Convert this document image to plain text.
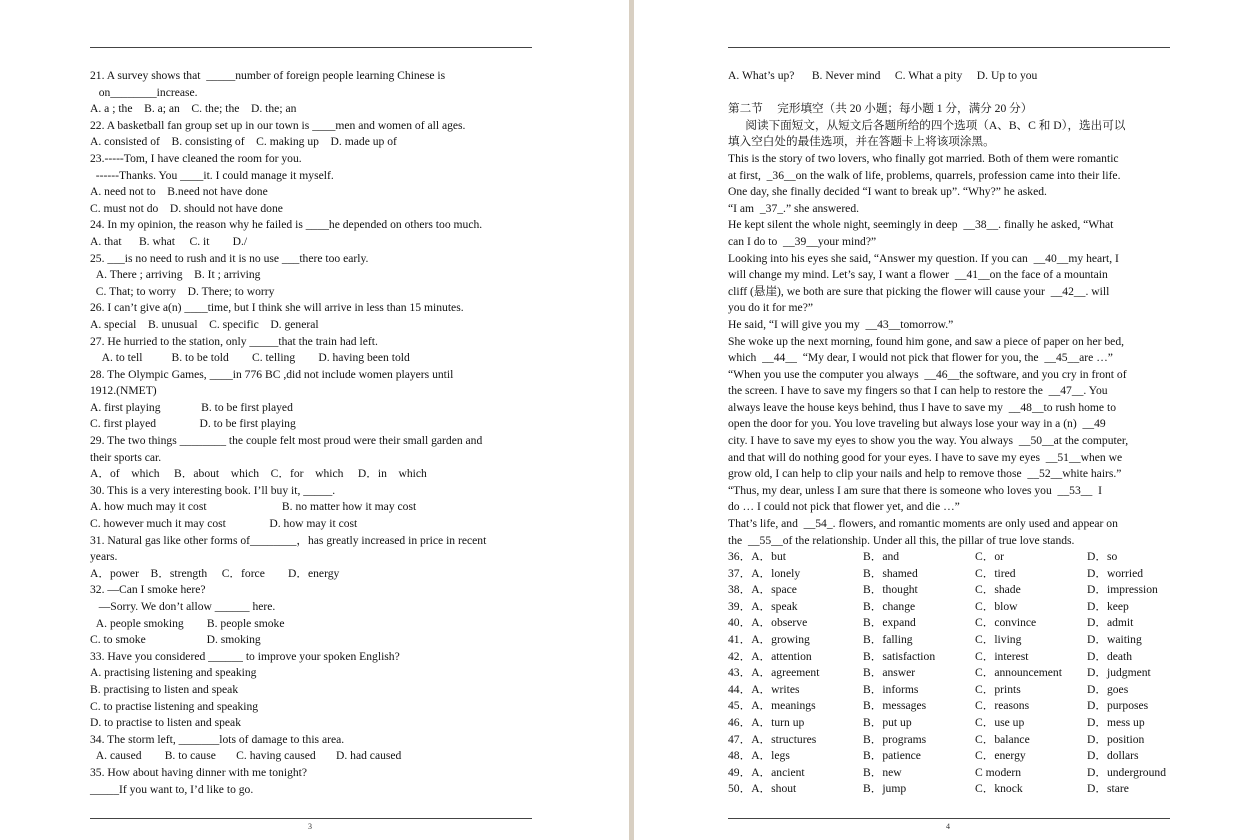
21. A survey shows that  _____number of foreign people learning Chinese is

on________increase.

A. a ; the    B. a; an    C. the; the    D. the; an

22. A basketball fan group set up in our town is ____men and women of all ages.

A. consisted of    B. consisting of    C. making up    D. made up of

23.-----Tom, I have cleaned the room for you.

------Thanks. You ____it. I could manage it myself.

A. need not to    B.need not have done

C. must not do    D. should not have done

24. In my opinion, the reason why he failed is ____he depended on others too much.

A. that      B. what     C. it        D./

25. ___is no need to rush and it is no use ___there too early.

A. There ; arriving    B. It ; arriving

C. That; to worry    D. There; to worry

26. I can’t give a(n) ____time, but I think she will arrive in less than 15 minutes.

A. special    B. unusual    C. specific    D. general

27. He hurried to the station, only _____that the train had left.

A. to tell          B. to be told        C. telling        D. having been told

28. The Olympic Games, ____in 776 BC ,did not include women players until

1912.(NMET)

A. first playing              B. to be first played

C. first played               D. to be first playing

29. The two things ________ the couple felt most proud were their small garden and

their sports car.

A．of    which     B．about    which    C．for    which     D．in    which

30. This is a very interesting book. I’ll buy it, _____.

A. how much may it cost                          B. no matter how it may cost

C. however much it may cost               D. how may it cost

31. Natural gas like other forms of________，has greatly increased in price in recent

years.

A．power    B．strength     C．force        D．energy

32. —Can I smoke here?

—Sorry. We don’t allow ______ here.

A. people smoking        B. people smoke

C. to smoke                     D. smoking

33. Have you considered ______ to improve your spoken English?

A. practising listening and speaking

B. practising to listen and speak

C. to practise listening and speaking

D. to practise to listen and speak

34. The storm left, _______lots of damage to this area.

A. caused        B. to cause       C. having caused       D. had caused

35. How about having dinner with me tonight?

_____If you want to, I’d like to go.

3

A. What’s up?      B. Never mind     C. What a pity     D. Up to you

第二节     完形填空（共 20 小题；每小题 1 分，满分 20 分）

阅读下面短文，从短文后各题所给的四个选项（A、B、C 和 D），选出可以

填入空白处的最佳选项，并在答题卡上将该项涂黑。

This is the story of two lovers, who finally got married. Both of them were romantic

at first,  _36__on the walk of life, problems, quarrels, profession came into their life.

One day, she finally decided “I want to break up”. “Why?” he asked.

“I am  _37_.” she answered.

He kept silent the whole night, seemingly in deep  __38__. finally he asked, “What

can I do to  __39__your mind?”

Looking into his eyes she said, “Answer my question. If you can  __40__my heart, I

will change my mind. Let’s say, I want a flower  __41__on the face of a mountain

cliff (悬崖), we both are sure that picking the flower will cause your  __42__. will

you do it for me?”

He said, “I will give you my  __43__tomorrow.”

She woke up the next morning, found him gone, and saw a piece of paper on her bed,

which  __44__  “My dear, I would not pick that flower for you, the  __45__are …”

“When you use the computer you always  __46__the software, and you cry in front of

the screen. I have to save my fingers so that I can help to restore the  __47__. You

always leave the house keys behind, thus I have to save my  __48__to rush home to

open the door for you. You love traveling but always lose your way in a (n)  __49

city. I have to save my eyes to show you the way. You always  __50__at the computer,

and that will do nothing good for your eyes. I have to save my eyes  __51__when we

grow old, I can help to clip your nails and help to remove those  __52__white hairs.”

“Thus, my dear, unless I am sure that there is someone who loves you  __53__  I

do … I could not pick that flower yet, and die …”

That’s life, and  __54_. flowers, and romantic moments are only used and appear on

the  __55__of the relationship. Under all this, the pillar of true love stands.

36．A．but	B．and	C．or	D．so
37．A．lonely	B．shamed	C．tired	D．worried
38．A．space	B．thought	C．shade	D．impression
39．A．speak	B．change	C．blow	D．keep
40．A．observe	B．expand	C．convince	D．admit
41．A．growing	B．falling	C．living	D．waiting
42．A．attention	B．satisfaction	C．interest	D．death
43．A．agreement	B．answer	C．announcement	D．judgment
44．A．writes	B．informs	C．prints	D．goes
45．A．meanings	B．messages	C．reasons	D．purposes
46．A．turn up	B．put up	C．use up	D．mess up
47．A．structures	B．programs	C．balance	D．position
48．A．legs	B．patience	C．energy	D．dollars
49．A．ancient	B．new	C modern	D．underground
50．A．shout	B．jump	C．knock	D．stare
4
